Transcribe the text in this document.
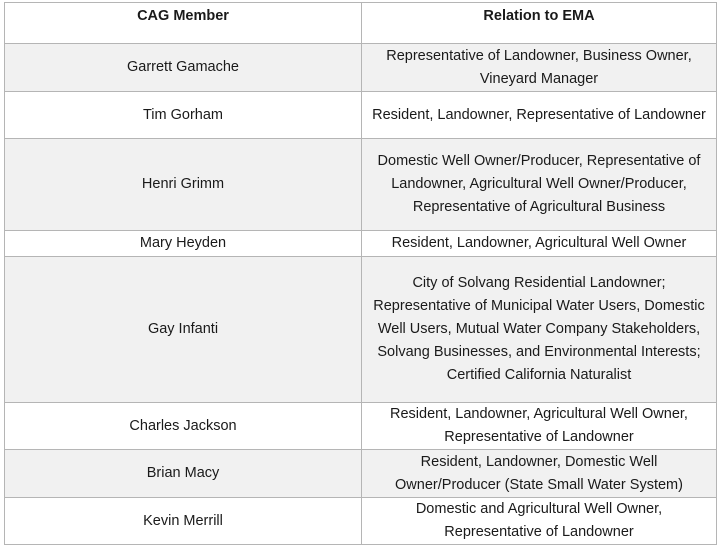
CAG Member	Relation to EMA
Garrett Gamache	Representative of Landowner, Business Owner, Vineyard Manager
Tim Gorham	Resident, Landowner, Representative of Landowner
Henri Grimm	Domestic Well Owner/Producer, Representative of Landowner, Agricultural Well Owner/Producer, Representative of Agricultural Business
Mary Heyden	Resident, Landowner, Agricultural Well Owner
Gay Infanti	City of Solvang Residential Landowner; Representative of Municipal Water Users, Domestic Well Users, Mutual Water Company Stakeholders, Solvang Businesses, and Environmental Interests; Certified California Naturalist
Charles Jackson	Resident, Landowner, Agricultural Well Owner, Representative of Landowner
Brian Macy	Resident, Landowner, Domestic Well Owner/Producer (State Small Water System)
Kevin Merrill	Domestic and Agricultural Well Owner, Representative of Landowner
